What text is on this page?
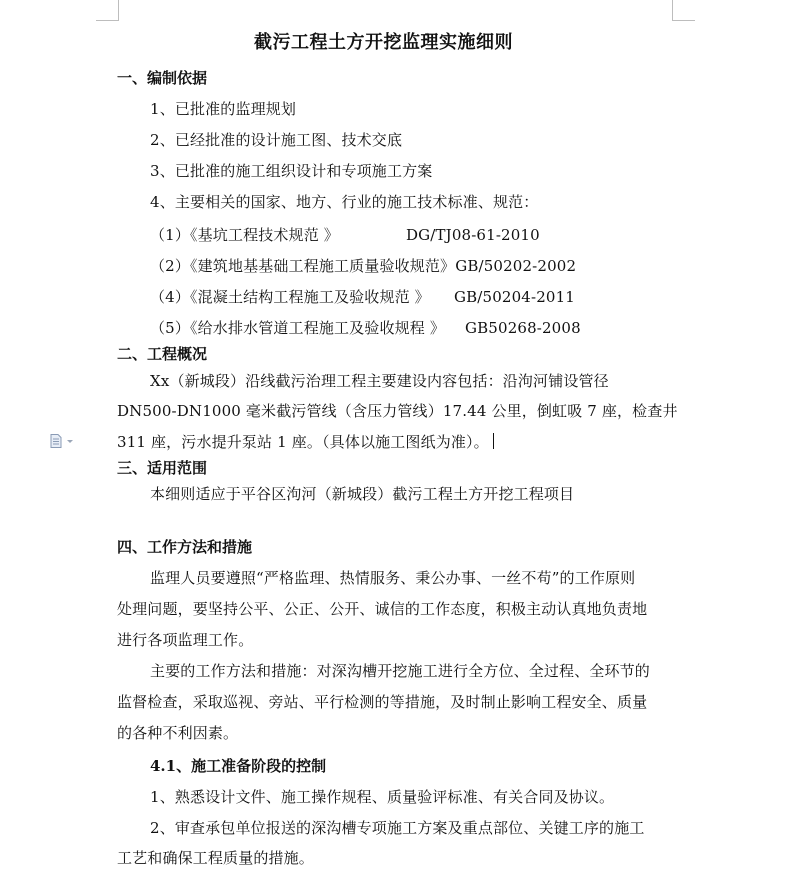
截污工程土方开挖监理实施细则
一、编制依据
1、已批准的监理规划
2、已经批准的设计施工图、技术交底
3、已批准的施工组织设计和专项施工方案
4、主要相关的国家、地方、行业的施工技术标准、规范：
（1）《基坑工程技术规范 》	DG/TJ08-61-2010
（2）《建筑地基基础工程施工质量验收规范》GB/50202-2002
（4）《混凝土结构工程施工及验收规范 》 GB/50204-2011
（5）《给水排水管道工程施工及验收规程 》 GB50268-2008
二、工程概况
Xx（新城段）沿线截污治理工程主要建设内容包括：沿泃河铺设管径
DN500-DN1000 毫米截污管线（含压力管线）17.44 公里，倒虹吸 7 座，检查井
311 座，污水提升泵站 1 座。（具体以施工图纸为准）。
三、适用范围
本细则适应于平谷区泃河（新城段）截污工程土方开挖工程项目
四、工作方法和措施
监理人员要遵照“严格监理、热情服务、秉公办事、一丝不苟”的工作原则
处理问题，要坚持公平、公正、公开、诚信的工作态度，积极主动认真地负责地
进行各项监理工作。
主要的工作方法和措施：对深沟槽开挖施工进行全方位、全过程、全环节的
监督检查，采取巡视、旁站、平行检测的等措施，及时制止影响工程安全、质量
的各种不利因素。
4.1、施工准备阶段的控制
1、熟悉设计文件、施工操作规程、质量验评标准、有关合同及协议。
2、审查承包单位报送的深沟槽专项施工方案及重点部位、关键工序的施工
工艺和确保工程质量的措施。
